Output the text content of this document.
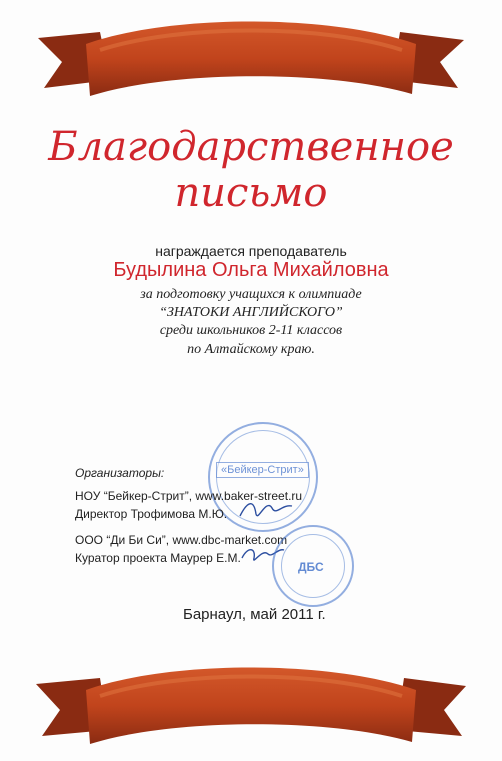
Благодарственное
письмо
награждается преподаватель
Будылина Ольга Михайловна
за подготовку учащихся к олимпиаде
“ЗНАТОКИ АНГЛИЙСКОГО”
среди школьников 2-11 классов
по Алтайскому краю.
«Бейкер-Стрит»
Организаторы:
НОУ “Бейкер-Стрит”, www.baker-street.ru
Директор Трофимова М.Ю.
ООО “Ди Би Си”, www.dbc-market.com
Куратор проекта Маурер Е.М.
ДБС
Барнаул, май 2011 г.
